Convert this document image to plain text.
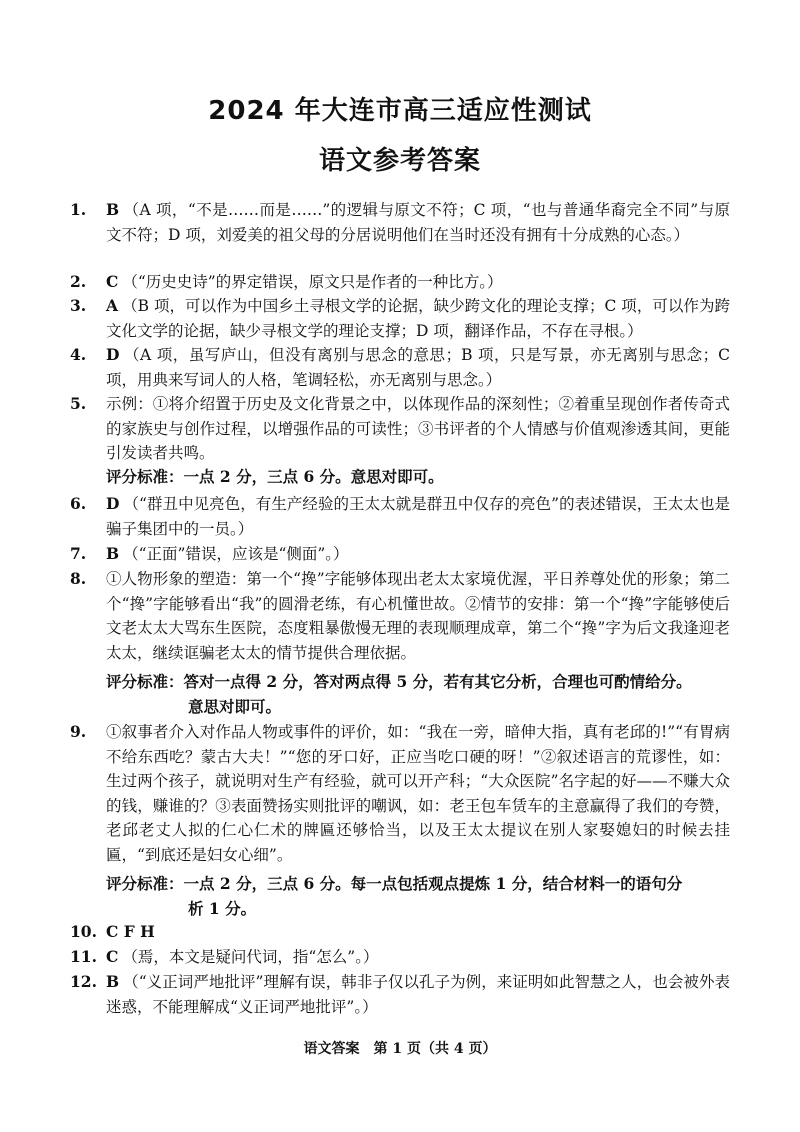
2024 年大连市高三适应性测试
语文参考答案
1.	B （A 项，“不是……而是……”的逻辑与原文不符；C 项，“也与普通华裔完全不同”与原文不符；D 项，刘爱美的祖父母的分居说明他们在当时还没有拥有十分成熟的心态。）
2.	C （“历史史诗”的界定错误，原文只是作者的一种比方。）
3.	A （B 项，可以作为中国乡土寻根文学的论据，缺少跨文化的理论支撑；C 项，可以作为跨文化文学的论据，缺少寻根文学的理论支撑；D 项，翻译作品，不存在寻根。）
4.	D （A 项，虽写庐山，但没有离别与思念的意思；B 项，只是写景，亦无离别与思念；C 项，用典来写词人的人格，笔调轻松，亦无离别与思念。）
5.	示例：①将介绍置于历史及文化背景之中，以体现作品的深刻性；②着重呈现创作者传奇式的家族史与创作过程，以增强作品的可读性；③书评者的个人情感与价值观渗透其间，更能引发读者共鸣。
评分标准：一点 2 分，三点 6 分。意思对即可。
6.	D （“群丑中见亮色，有生产经验的王太太就是群丑中仅存的亮色”的表述错误，王太太也是骗子集团中的一员。）
7.	B （“正面”错误，应该是“侧面”。）
8.	①人物形象的塑造：第一个“搀”字能够体现出老太太家境优渥，平日养尊处优的形象；第二个“搀”字能够看出“我”的圆滑老练，有心机懂世故。②情节的安排：第一个“搀”字能够使后文老太太大骂东生医院，态度粗暴傲慢无理的表现顺理成章，第二个“搀”字为后文我逢迎老太太，继续诓骗老太太的情节提供合理依据。
评分标准：答对一点得 2 分，答对两点得 5 分，若有其它分析，合理也可酌情给分。
意思对即可。
9.	①叙事者介入对作品人物或事件的评价，如：“我在一旁，暗伸大指，真有老邱的!”“有胃病不给东西吃？蒙古大夫！”“您的牙口好，正应当吃口硬的呀！”②叙述语言的荒谬性，如：生过两个孩子，就说明对生产有经验，就可以开产科；“大众医院”名字起的好——不赚大众的钱，赚谁的？③表面赞扬实则批评的嘲讽，如：老王包车赁车的主意赢得了我们的夸赞，老邱老丈人拟的仁心仁术的牌匾还够恰当，以及王太太提议在别人家娶媳妇的时候去挂匾，“到底还是妇女心细”。
评分标准：一点 2 分，三点 6 分。每一点包括观点提炼 1 分，结合材料一的语句分
析 1 分。
10. C F H
11. C （焉，本文是疑问代词，指“怎么”。）
12. B （“义正词严地批评”理解有误，韩非子仅以孔子为例，来证明如此智慧之人，也会被外表迷惑，不能理解成“义正词严地批评”。）
语文答案　第 1 页（共 4 页）
